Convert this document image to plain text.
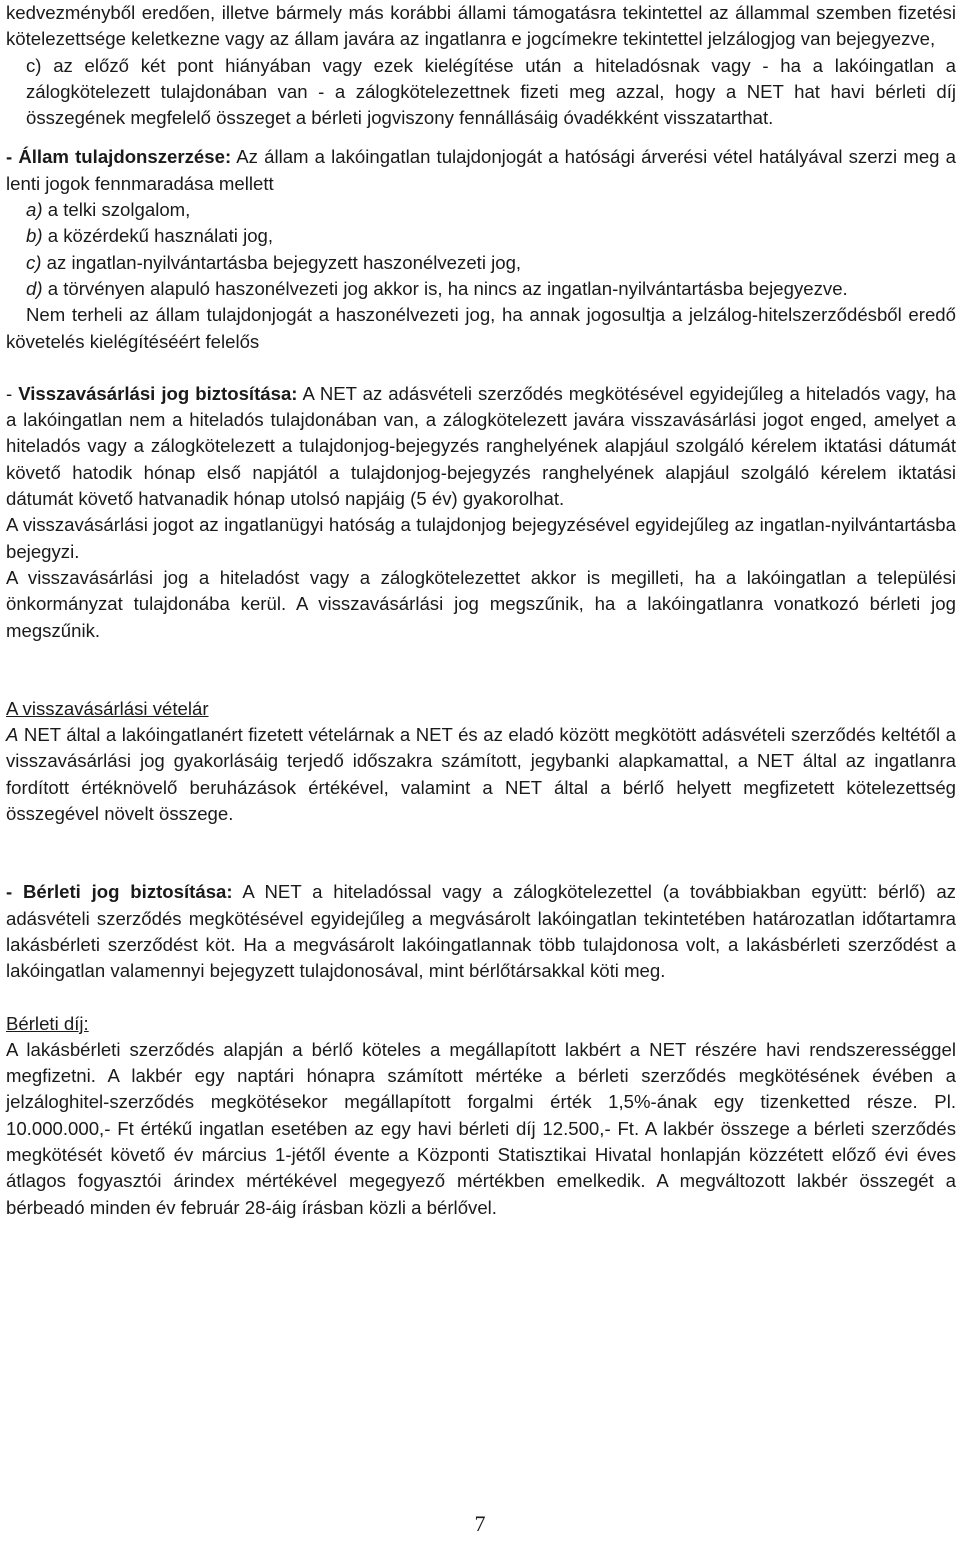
kedvezményből eredően, illetve bármely más korábbi állami támogatásra tekintettel az állammal szemben fizetési kötelezettsége keletkezne vagy az állam javára az ingatlanra e jogcímekre tekintettel jelzálogjog van bejegyezve,

c) az előző két pont hiányában vagy ezek kielégítése után a hiteladósnak vagy - ha a lakóingatlan a zálogkötelezett tulajdonában van - a zálogkötelezettnek fizeti meg azzal, hogy a NET hat havi bérleti díj összegének megfelelő összeget a bérleti jogviszony fennállásáig óvadékként visszatarthat.

- Állam tulajdonszerzése: Az állam a lakóingatlan tulajdonjogát a hatósági árverési vétel hatályával szerzi meg a lenti jogok fennmaradása mellett

a) a telki szolgalom,

b) a közérdekű használati jog,

c) az ingatlan-nyilvántartásba bejegyzett haszonélvezeti jog,

d) a törvényen alapuló haszonélvezeti jog akkor is, ha nincs az ingatlan-nyilvántartásba bejegyezve.

Nem terheli az állam tulajdonjogát a haszonélvezeti jog, ha annak jogosultja a jelzálog-hitelszerződésből eredő követelés kielégítéséért felelős

- Visszavásárlási jog biztosítása: A NET az adásvételi szerződés megkötésével egyidejűleg a hiteladós vagy, ha a lakóingatlan nem a hiteladós tulajdonában van, a zálogkötelezett javára visszavásárlási jogot enged, amelyet a hiteladós vagy a zálogkötelezett a tulajdonjog-bejegyzés ranghelyének alapjául szolgáló kérelem iktatási dátumát követő hatodik hónap első napjától a tulajdonjog-bejegyzés ranghelyének alapjául szolgáló kérelem iktatási dátumát követő hatvanadik hónap utolsó napjáig (5 év) gyakorolhat.

A visszavásárlási jogot az ingatlanügyi hatóság a tulajdonjog bejegyzésével egyidejűleg az ingatlan-nyilvántartásba bejegyzi.

A visszavásárlási jog a hiteladóst vagy a zálogkötelezettet akkor is megilleti, ha a lakóingatlan a települési önkormányzat tulajdonába kerül. A visszavásárlási jog megszűnik, ha a lakóingatlanra vonatkozó bérleti jog megszűnik.

A visszavásárlási vételár

A NET által a lakóingatlanért fizetett vételárnak a NET és az eladó között megkötött adásvételi szerződés keltétől a visszavásárlási jog gyakorlásáig terjedő időszakra számított, jegybanki alapkamattal, a NET által az ingatlanra fordított értéknövelő beruházások értékével, valamint a NET által a bérlő helyett megfizetett kötelezettség összegével növelt összege.

- Bérleti jog biztosítása: A NET a hiteladóssal vagy a zálogkötelezettel (a továbbiakban együtt: bérlő) az adásvételi szerződés megkötésével egyidejűleg a megvásárolt lakóingatlan tekintetében határozatlan időtartamra lakásbérleti szerződést köt. Ha a megvásárolt lakóingatlannak több tulajdonosa volt, a lakásbérleti szerződést a lakóingatlan valamennyi bejegyzett tulajdonosával, mint bérlőtársakkal köti meg.

Bérleti díj:

A lakásbérleti szerződés alapján a bérlő köteles a megállapított lakbért a NET részére havi rendszerességgel megfizetni. A lakbér egy naptári hónapra számított mértéke a bérleti szerződés megkötésének évében a jelzáloghitel-szerződés megkötésekor megállapított forgalmi érték 1,5%-ának egy tizenketted része. Pl. 10.000.000,- Ft értékű ingatlan esetében az egy havi bérleti díj 12.500,- Ft. A lakbér összege a bérleti szerződés megkötését követő év március 1-jétől évente a Központi Statisztikai Hivatal honlapján közzétett előző évi éves átlagos fogyasztói árindex mértékével megegyező mértékben emelkedik. A megváltozott lakbér összegét a bérbeadó minden év február 28-áig írásban közli a bérlővel.

7
